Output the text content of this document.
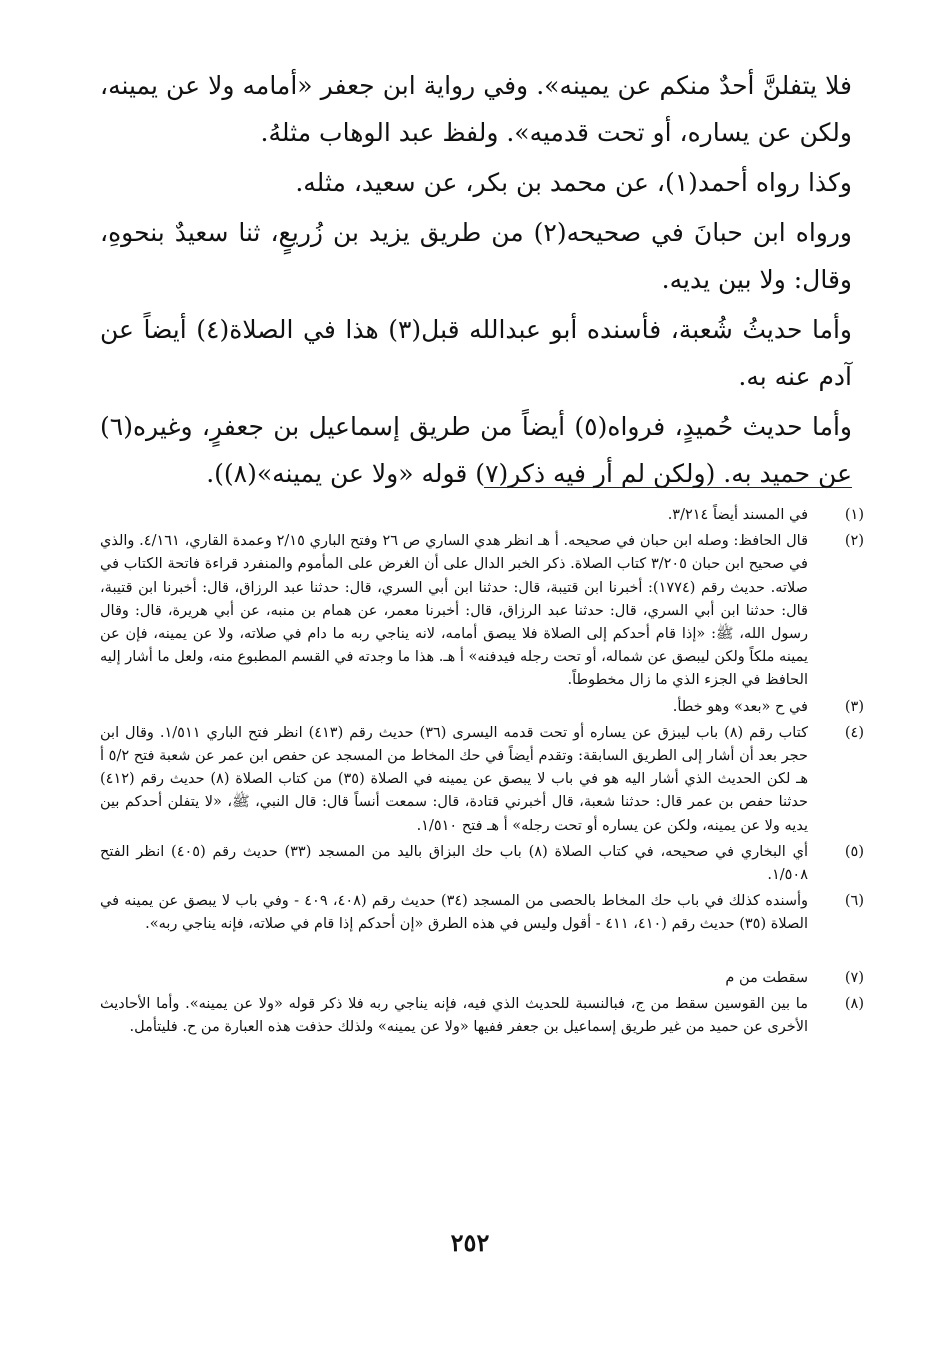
فلا يتفلنَّ أحدٌ منكم عن يمينه». وفي رواية ابن جعفر «أمامه ولا عن يمينه، ولكن عن يساره، أو تحت قدميه». ولفظ عبد الوهاب مثلهُ.

وكذا رواه أحمد(١)، عن محمد بن بكر، عن سعيد، مثله.

ورواه ابن حبانَ في صحيحه(٢) من طريق يزيد بن زُريعٍ، ثنا سعيدٌ بنحوهِ، وقال: ولا بين يديه.

وأما حديثُ شُعبة، فأسنده أبو عبدالله قبل(٣) هذا في الصلاة(٤) أيضاً عن آدم عنه به.

وأما حديث حُميدٍ، فرواه(٥) أيضاً من طريق إسماعيل بن جعفرٍ، وغيره(٦) عن حميد به. (ولكن لم أر فيه ذكر(٧) قوله «ولا عن يمينه»(٨)).

(١)
في المسند أيضاً ٣/٢١٤.
(٢)
قال الحافظ: وصله ابن حبان في صحيحه. أ هـ انظر هدي الساري ص ٢٦ وفتح الباري ٢/١٥ وعمدة القاري، ٤/١٦١. والذي في صحيح ابن حبان ٣/٢٠٥ كتاب الصلاة. ذكر الخبر الدال على أن الغرض على المأموم والمنفرد قراءة فاتحة الكتاب في صلاته. حديث رقم (١٧٧٤): أخبرنا ابن قتيبة، قال: حدثنا ابن أبي السري، قال: حدثنا عبد الرزاق، قال: أخبرنا ابن قتيبة، قال: حدثنا ابن أبي السري، قال: حدثنا عبد الرزاق، قال: أخبرنا معمر، عن همام بن منبه، عن أبي هريرة، قال: وقال رسول الله، ﷺ: «إذا قام أحدكم إلى الصلاة فلا يبصق أمامه، لانه يناجي ربه ما دام في صلاته، ولا عن يمينه، فإن عن يمينه ملكاً ولكن ليبصق عن شماله، أو تحت رجله فيدفنه» أ هـ. هذا ما وجدته في القسم المطبوع منه، ولعل ما أشار إليه الحافظ في الجزء الذي ما زال مخطوطاً.
(٣)
في ح «بعد» وهو خطأ.
(٤)
كتاب رقم (٨) باب ليبزق عن يساره أو تحت قدمه اليسرى (٣٦) حديث رقم (٤١٣) انظر فتح الباري ١/٥١١. وقال ابن حجر بعد أن أشار إلى الطريق السابقة: وتقدم أيضاً في حك المخاط من المسجد عن حفص ابن عمر عن شعبة فتح ٥/٢ أ هـ لكن الحديث الذي أشار اليه هو في باب لا يبصق عن يمينه في الصلاة (٣٥) من كتاب الصلاة (٨) حديث رقم (٤١٢) حدثنا حفص بن عمر قال: حدثنا شعبة، قال أخبرني قتادة، قال: سمعت أنساً قال: قال النبي، ﷺ، «لا يتفلن أحدكم بين يديه ولا عن يمينه، ولكن عن يساره أو تحت رجله» أ هـ فتح ١/٥١٠.
(٥)
أي البخاري في صحيحه، في كتاب الصلاة (٨) باب حك البزاق باليد من المسجد (٣٣) حديث رقم (٤٠٥) انظر الفتح ١/٥٠٨.
(٦)
وأسنده كذلك في باب حك المخاط بالحصى من المسجد (٣٤) حديث رقم (٤٠٨، ٤٠٩ - وفي باب لا يبصق عن يمينه في الصلاة (٣٥) حديث رقم (٤١٠، ٤١١ - أقول وليس في هذه الطرق «إن أحدكم إذا قام في صلاته، فإنه يناجي ربه».
(٧)
سقطت من م
(٨)
ما بين القوسين سقط من ج، فبالنسبة للحديث الذي فيه، فإنه يناجي ربه فلا ذكر قوله «ولا عن يمينه». وأما الأحاديث الأخرى عن حميد من غير طريق إسماعيل بن جعفر ففيها «ولا عن يمينه» ولذلك حذفت هذه العبارة من ح. فليتأمل.
٢٥٢
